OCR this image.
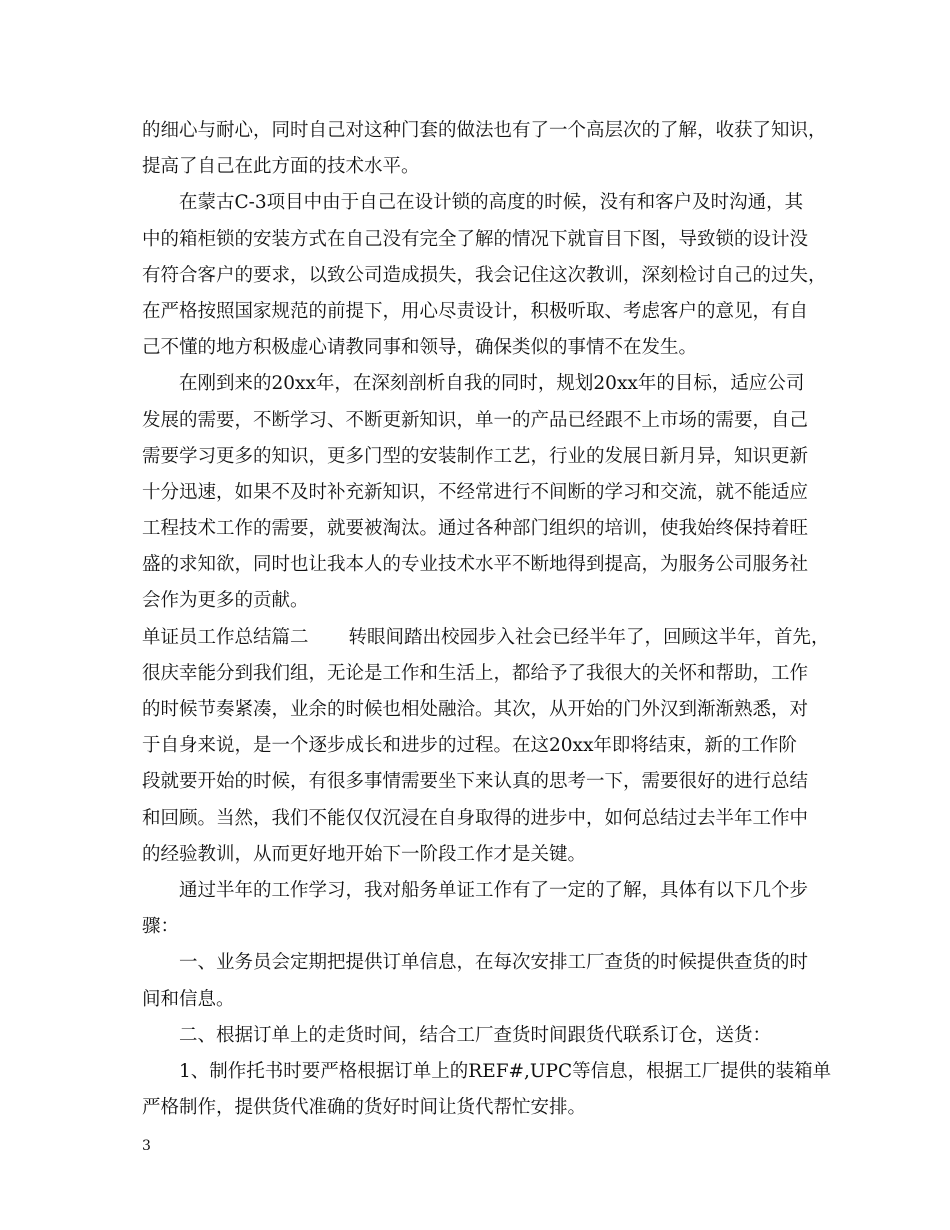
的细心与耐心，同时自己对这种门套的做法也有了一个高层次的了解，收获了知识，
提高了自己在此方面的技术水平。
在蒙古C-3项目中由于自己在设计锁的高度的时候，没有和客户及时沟通，其
中的箱柜锁的安装方式在自己没有完全了解的情况下就盲目下图，导致锁的设计没
有符合客户的要求，以致公司造成损失，我会记住这次教训，深刻检讨自己的过失，
在严格按照国家规范的前提下，用心尽责设计，积极听取、考虑客户的意见，有自
己不懂的地方积极虚心请教同事和领导，确保类似的事情不在发生。
在刚到来的20xx年，在深刻剖析自我的同时，规划20xx年的目标，适应公司
发展的需要，不断学习、不断更新知识，单一的产品已经跟不上市场的需要，自己
需要学习更多的知识，更多门型的安装制作工艺，行业的发展日新月异，知识更新
十分迅速，如果不及时补充新知识，不经常进行不间断的学习和交流，就不能适应
工程技术工作的需要，就要被淘汰。通过各种部门组织的培训，使我始终保持着旺
盛的求知欲，同时也让我本人的专业技术水平不断地得到提高，为服务公司服务社
会作为更多的贡献。
单证员工作总结篇二 转眼间踏出校园步入社会已经半年了，回顾这半年，首先，
很庆幸能分到我们组，无论是工作和生活上，都给予了我很大的关怀和帮助，工作
的时候节奏紧凑，业余的时候也相处融洽。其次，从开始的门外汉到渐渐熟悉，对
于自身来说，是一个逐步成长和进步的过程。在这20xx年即将结束，新的工作阶
段就要开始的时候，有很多事情需要坐下来认真的思考一下，需要很好的进行总结
和回顾。当然，我们不能仅仅沉浸在自身取得的进步中，如何总结过去半年工作中
的经验教训，从而更好地开始下一阶段工作才是关键。
通过半年的工作学习，我对船务单证工作有了一定的了解，具体有以下几个步
骤：
一、业务员会定期把提供订单信息，在每次安排工厂查货的时候提供查货的时
间和信息。
二、根据订单上的走货时间，结合工厂查货时间跟货代联系订仓，送货：
1、制作托书时要严格根据订单上的REF#,UPC等信息，根据工厂提供的装箱单
严格制作，提供货代准确的货好时间让货代帮忙安排。
3
